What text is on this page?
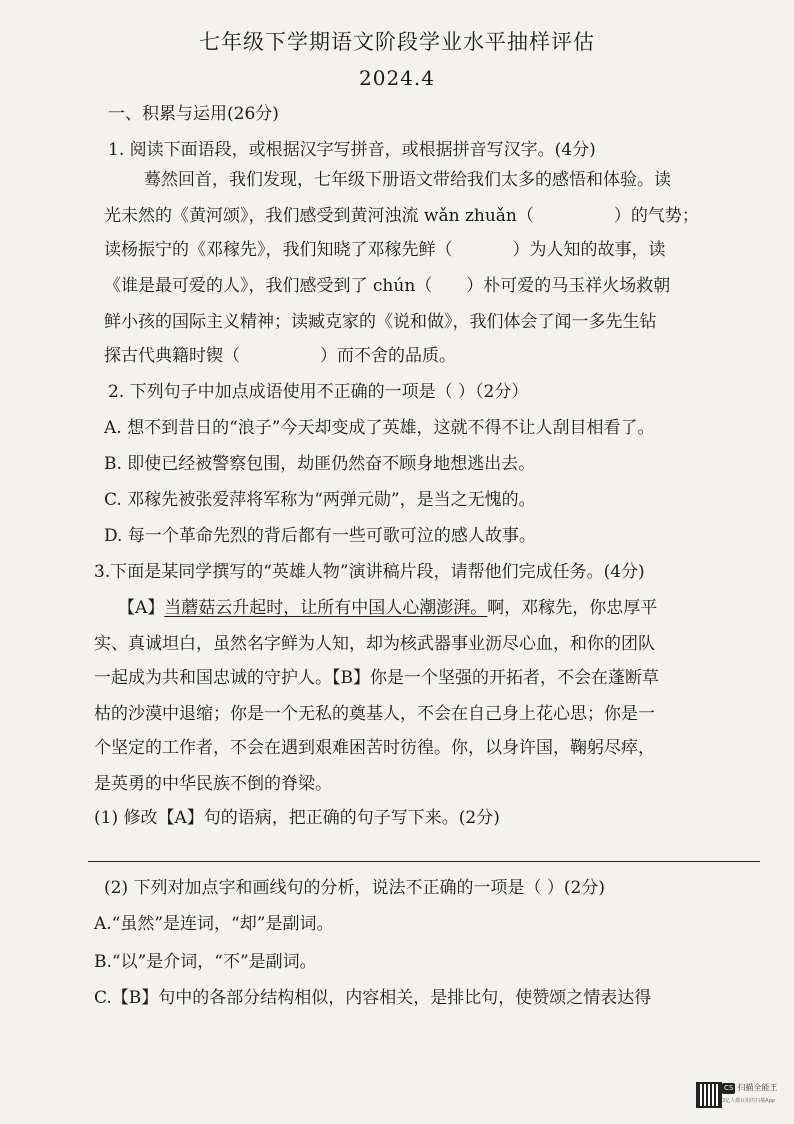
七年级下学期语文阶段学业水平抽样评估
2024.4
一、积累与运用(26分)
1. 阅读下面语段，或根据汉字写拼音，或根据拼音写汉字。(4分)
蓦然回首，我们发现，七年级下册语文带给我们太多的感悟和体验。读
光未然的《黄河颂》，我们感受到黄河浊流 wǎn zhuǎn（	）的气势；
读杨振宁的《邓稼先》，我们知晓了邓稼先鲜（	）为人知的故事，读
《谁是最可爱的人》，我们感受到了 chún（ ）朴可爱的马玉祥火场救朝
鲜小孩的国际主义精神；读臧克家的《说和做》，我们体会了闻一多先生钻
探古代典籍时锲（	）而不舍的品质。
2. 下列句子中加点成语使用不正确的一项是（ ）（2分）
A. 想不到昔日的“浪子”今天却变成了英雄，这就不得不让人刮目相看了。
B. 即使已经被警察包围，劫匪仍然奋不顾身地想逃出去。
C. 邓稼先被张爱萍将军称为“两弹元勋”，是当之无愧的。
D. 每一个革命先烈的背后都有一些可歌可泣的感人故事。
3.下面是某同学撰写的“英雄人物”演讲稿片段，请帮他们完成任务。(4分)
【A】当蘑菇云升起时，让所有中国人心潮澎湃。啊，邓稼先，你忠厚平
实、真诚坦白，虽然名字鲜为人知，却为核武器事业沥尽心血，和你的团队
一起成为共和国忠诚的守护人。【B】你是一个坚强的开拓者，不会在蓬断草
枯的沙漠中退缩；你是一个无私的奠基人，不会在自己身上花心思；你是一
个坚定的工作者，不会在遇到艰难困苦时彷徨。你，以身许国，鞠躬尽瘁，
是英勇的中华民族不倒的脊梁。
(1) 修改【A】句的语病，把正确的句子写下来。(2分)
(2) 下列对加点字和画线句的分析，说法不正确的一项是（ ）(2分)
A.“虽然”是连词，“却”是副词。
B.“以”是介词，“不”是副词。
C.【B】句中的各部分结构相似，内容相关，是排比句，使赞颂之情表达得
CS 扫描全能王
3亿人都在用的扫描App
